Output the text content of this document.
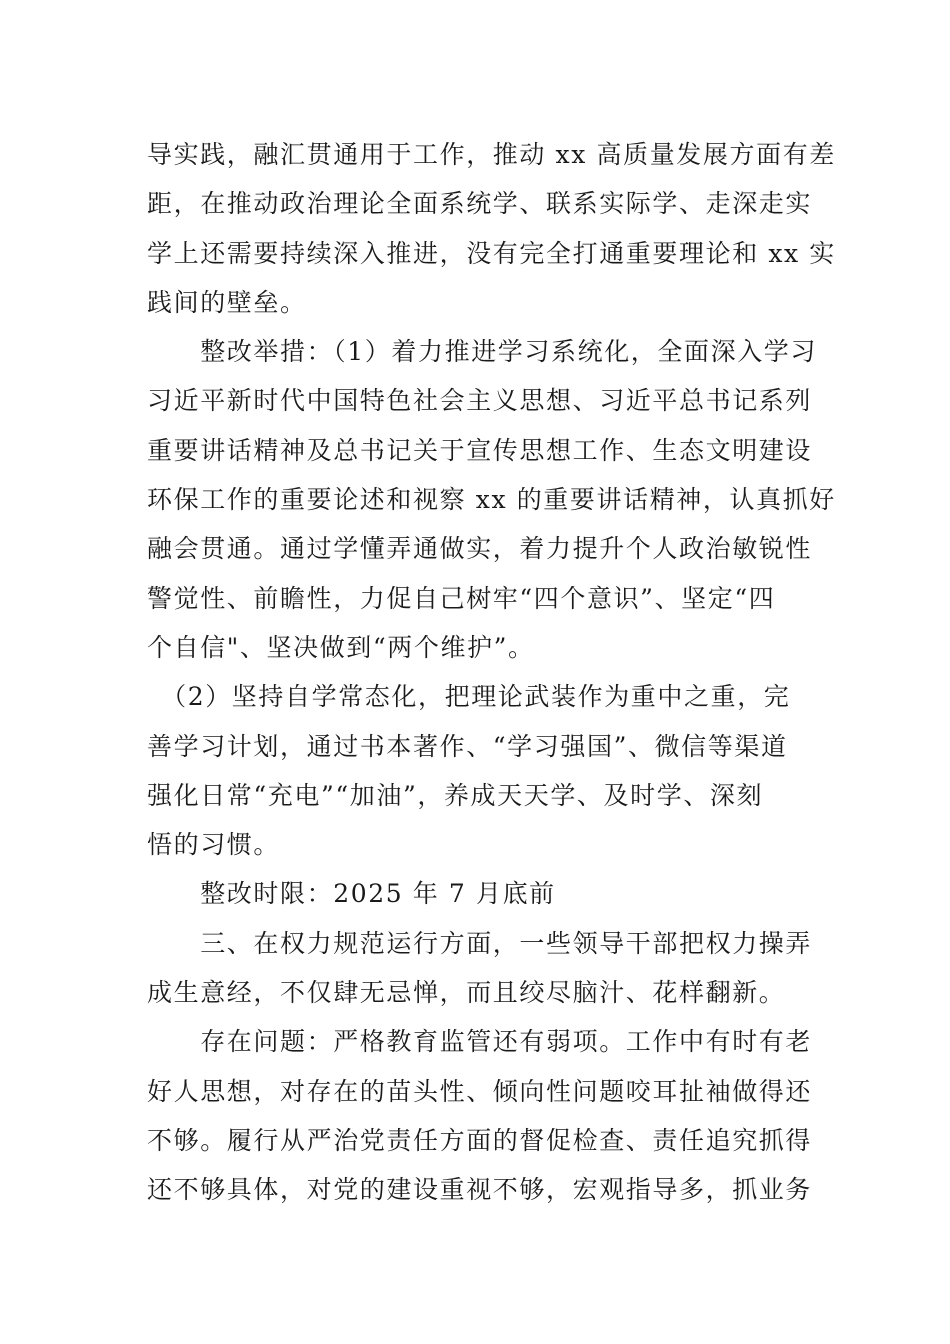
导实践，融汇贯通用于工作，推动 xx 高质量发展方面有差
距，在推动政治理论全面系统学、联系实际学、走深走实
学上还需要持续深入推进，没有完全打通重要理论和 xx 实
践间的壁垒。
　　整改举措：（1）着力推进学习系统化，全面深入学习
习近平新时代中国特色社会主义思想、习近平总书记系列
重要讲话精神及总书记关于宣传思想工作、生态文明建设
环保工作的重要论述和视察 xx 的重要讲话精神，认真抓好
融会贯通。通过学懂弄通做实，着力提升个人政治敏锐性
警觉性、前瞻性，力促自己树牢“四个意识”、坚定“四
个自信"、坚决做到“两个维护”。
　（2）坚持自学常态化，把理论武装作为重中之重，完
善学习计划，通过书本著作、“学习强国”、微信等渠道
强化日常“充电”“加油”，养成天天学、及时学、深刻
悟的习惯。
　　整改时限：2025 年 7 月底前
　　三、在权力规范运行方面，一些领导干部把权力操弄
成生意经，不仅肆无忌惮，而且绞尽脑汁、花样翻新。
　　存在问题：严格教育监管还有弱项。工作中有时有老
好人思想，对存在的苗头性、倾向性问题咬耳扯袖做得还
不够。履行从严治党责任方面的督促检查、责任追究抓得
还不够具体，对党的建设重视不够，宏观指导多，抓业务
